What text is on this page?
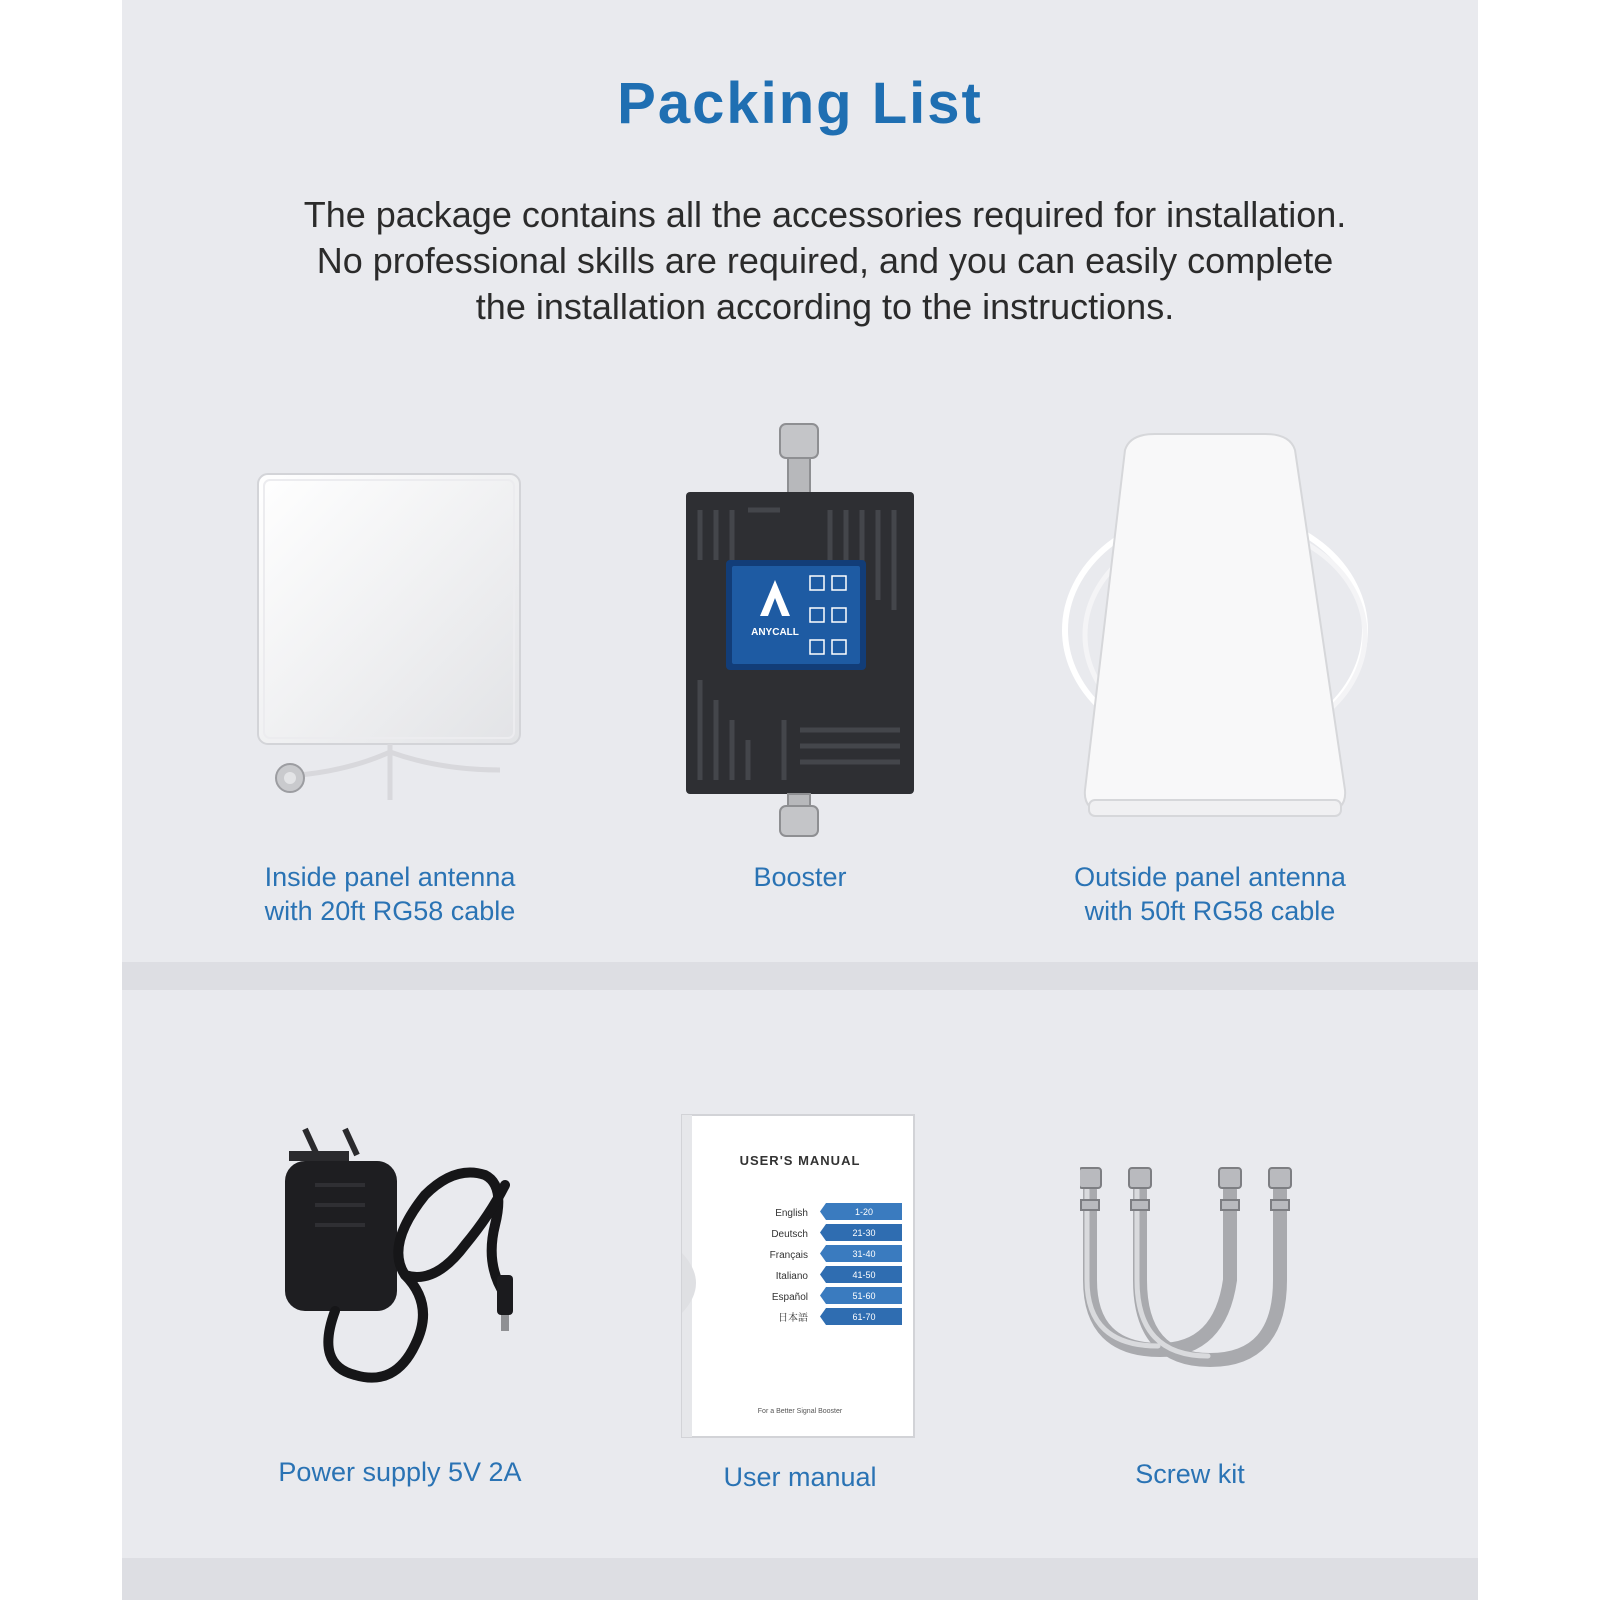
Packing List
The package contains all the accessories required for installation. No professional skills are required, and you can easily complete the installation according to the instructions.
Inside panel antenna
with 20ft RG58 cable
ANYCALL
Booster	Outside panel antenna
with 50ft RG58 cable
Power supply 5V 2A
USER'S MANUAL
English	1-20
Deutsch	21-30
Français	31-40
Italiano	41-50
Español	51-60
日本語	61-70
For a Better Signal Booster
User manual	Screw kit
